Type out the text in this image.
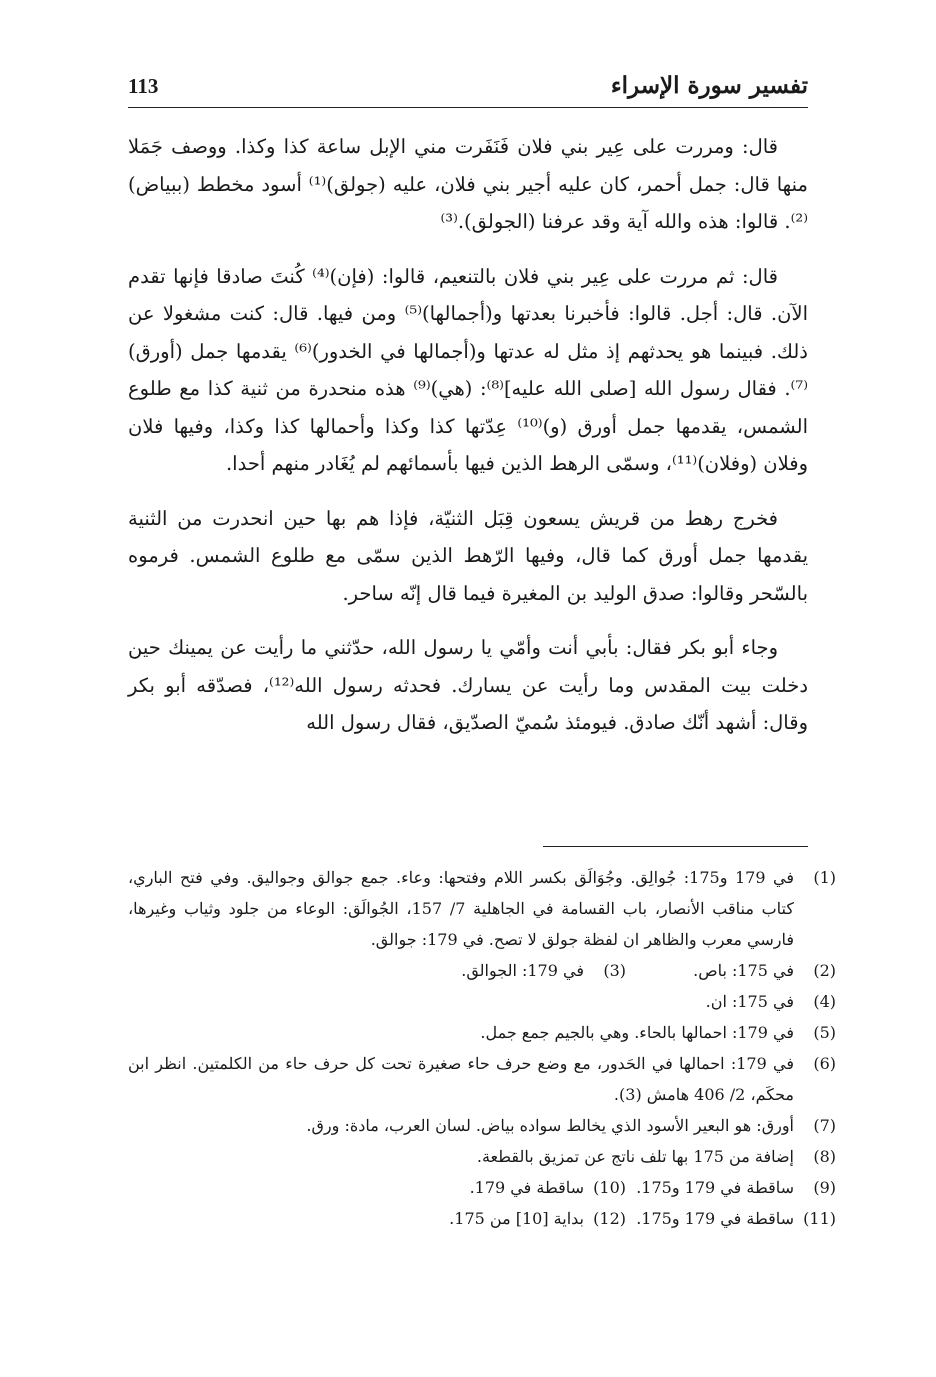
تفسير سورة الإسراء
113

قال: ومررت على عِير بني فلان فَنَفَرت مني الإبل ساعة كذا وكذا. ووصف جَمَلا منها قال: جمل أحمر، كان عليه أجير بني فلان، عليه (جولق)⁽¹⁾ أسود مخطط (ببياض)⁽²⁾. قالوا: هذه والله آية وقد عرفنا (الجولق).⁽³⁾

قال: ثم مررت على عِير بني فلان بالتنعيم، قالوا: (فإن)⁽⁴⁾ كُنتَ صادقا فإنها تقدم الآن. قال: أجل. قالوا: فأخبرنا بعدتها و(أجمالها)⁽⁵⁾ ومن فيها. قال: كنت مشغولا عن ذلك. فبينما هو يحدثهم إذ مثل له عدتها و(أجمالها في الخدور)⁽⁶⁾ يقدمها جمل (أورق)⁽⁷⁾. فقال رسول الله [صلى الله عليه]⁽⁸⁾: (هي)⁽⁹⁾ هذه منحدرة من ثنية كذا مع طلوع الشمس، يقدمها جمل أورق (و)⁽¹⁰⁾ عِدّتها كذا وكذا وأحمالها كذا وكذا، وفيها فلان وفلان (وفلان)⁽¹¹⁾، وسمّى الرهط الذين فيها بأسمائهم لم يُغَادر منهم أحدا.

فخرج رهط من قريش يسعون قِبَل الثنيّة، فإذا هم بها حين انحدرت من الثنية يقدمها جمل أورق كما قال، وفيها الرّهط الذين سمّى مع طلوع الشمس. فرموه بالسّحر وقالوا: صدق الوليد بن المغيرة فيما قال إنّه ساحر.

وجاء أبو بكر فقال: بأبي أنت وأمّي يا رسول الله، حدّثني ما رأيت عن يمينك حين دخلت بيت المقدس وما رأيت عن يسارك. فحدثه رسول الله⁽¹²⁾، فصدّقه أبو بكر وقال: أشهد أنّك صادق. فيومئذ سُميّ الصدّيق، فقال رسول الله

(1)
في 179 و175: جُوالِق. وجُوَالَق بكسر اللام وفتحها: وعاء. جمع جوالق وجواليق. وفي فتح الباري، كتاب مناقب الأنصار، باب القسامة في الجاهلية 7/ 157، الجُوالَق: الوعاء من جلود وثياب وغيرها، فارسي معرب والظاهر ان لفظة جولق لا تصح. في 179: جوالق.
(2)
في 175: باص.
(3)
في 179: الجوالق.
(4)
في 175: ان.
(5)
في 179: احمالها بالحاء. وهي بالجيم جمع جمل.
(6)
في 179: احمالها في الحَدور، مع وضع حرف حاء صغيرة تحت كل حرف حاء من الكلمتين. انظر ابن محكَم، 2/ 406 هامش (3).
(7)
أورق: هو البعير الأسود الذي يخالط سواده بياض. لسان العرب، مادة: ورق.
(8)
إضافة من 175 بها تلف ناتج عن تمزيق بالقطعة.
(9)
ساقطة في 179 و175.
(10)
ساقطة في 179.
(11)
ساقطة في 179 و175.
(12)
بداية [10] من 175.
